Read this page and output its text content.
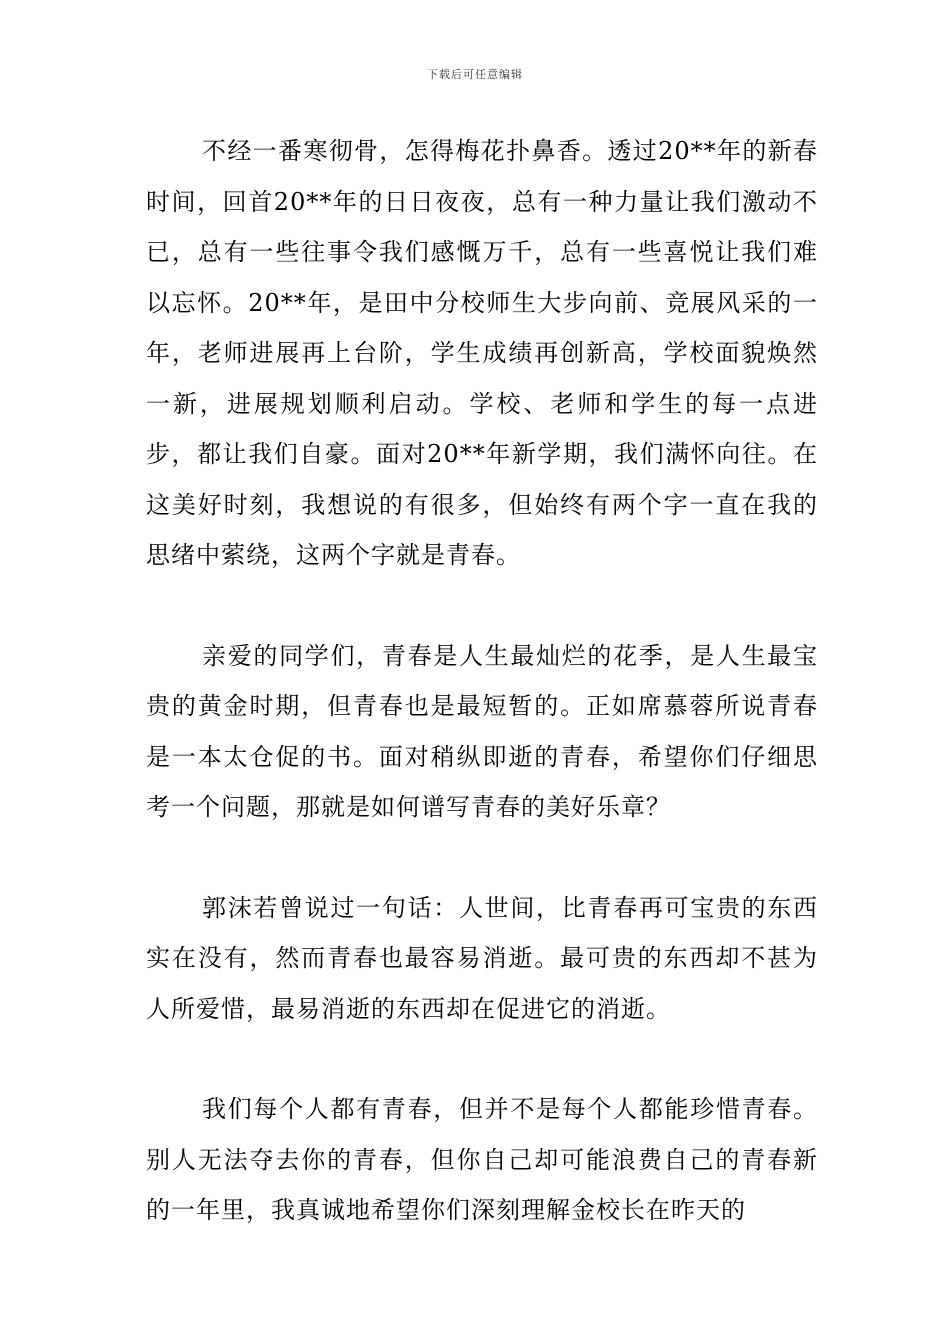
下载后可任意编辑

不经一番寒彻骨，怎得梅花扑鼻香。透过20**年的新春时间，回首20**年的日日夜夜，总有一种力量让我们激动不已，总有一些往事令我们感慨万千，总有一些喜悦让我们难以忘怀。20**年，是田中分校师生大步向前、竞展风采的一年，老师进展再上台阶，学生成绩再创新高，学校面貌焕然一新，进展规划顺利启动。学校、老师和学生的每一点进步，都让我们自豪。面对20**年新学期，我们满怀向往。在这美好时刻，我想说的有很多，但始终有两个字一直在我的思绪中萦绕，这两个字就是青春。

亲爱的同学们，青春是人生最灿烂的花季，是人生最宝贵的黄金时期，但青春也是最短暂的。正如席慕蓉所说青春是一本太仓促的书。面对稍纵即逝的青春，希望你们仔细思考一个问题，那就是如何谱写青春的美好乐章？

郭沫若曾说过一句话：人世间，比青春再可宝贵的东西实在没有，然而青春也最容易消逝。最可贵的东西却不甚为人所爱惜，最易消逝的东西却在促进它的消逝。

我们每个人都有青春，但并不是每个人都能珍惜青春。别人无法夺去你的青春，但你自己却可能浪费自己的青春新的一年里，我真诚地希望你们深刻理解金校长在昨天的
